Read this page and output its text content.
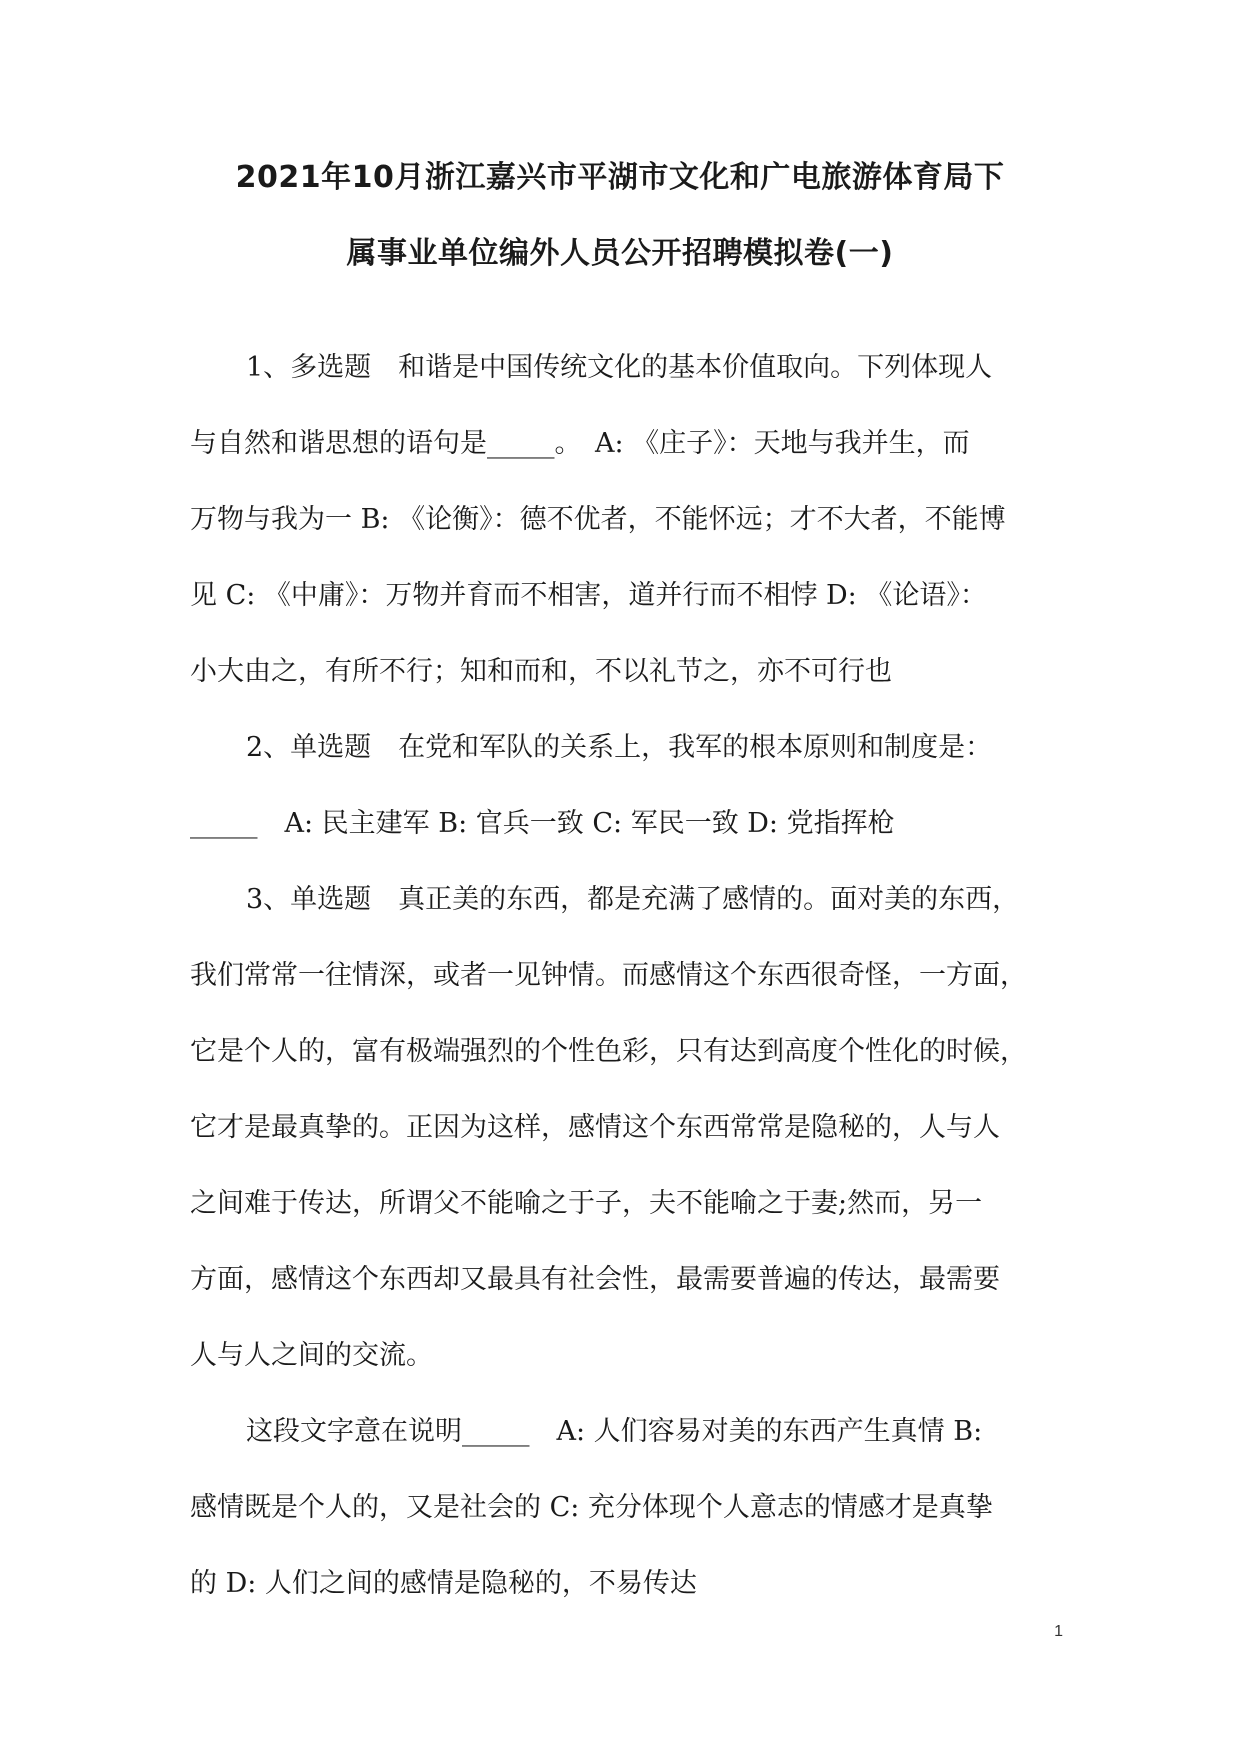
2021年10月浙江嘉兴市平湖市文化和广电旅游体育局下
属事业单位编外人员公开招聘模拟卷(一)

1、多选题　和谐是中国传统文化的基本价值取向。下列体现人
与自然和谐思想的语句是_____。　A: 《庄子》：天地与我并生，而
万物与我为一 B: 《论衡》：德不优者，不能怀远；才不大者，不能博
见 C: 《中庸》：万物并育而不相害，道并行而不相悖 D: 《论语》：
小大由之，有所不行；知和而和，不以礼节之，亦不可行也

2、单选题　在党和军队的关系上，我军的根本原则和制度是：
_____　A: 民主建军 B: 官兵一致 C: 军民一致 D: 党指挥枪

3、单选题　真正美的东西，都是充满了感情的。面对美的东西，
我们常常一往情深，或者一见钟情。而感情这个东西很奇怪，一方面，
它是个人的，富有极端强烈的个性色彩，只有达到高度个性化的时候，
它才是最真挚的。正因为这样，感情这个东西常常是隐秘的，人与人
之间难于传达，所谓父不能喻之于子，夫不能喻之于妻;然而，另一
方面，感情这个东西却又最具有社会性，最需要普遍的传达，最需要
人与人之间的交流。

这段文字意在说明_____　A: 人们容易对美的东西产生真情 B:
感情既是个人的，又是社会的 C: 充分体现个人意志的情感才是真挚
的 D: 人们之间的感情是隐秘的，不易传达

1
